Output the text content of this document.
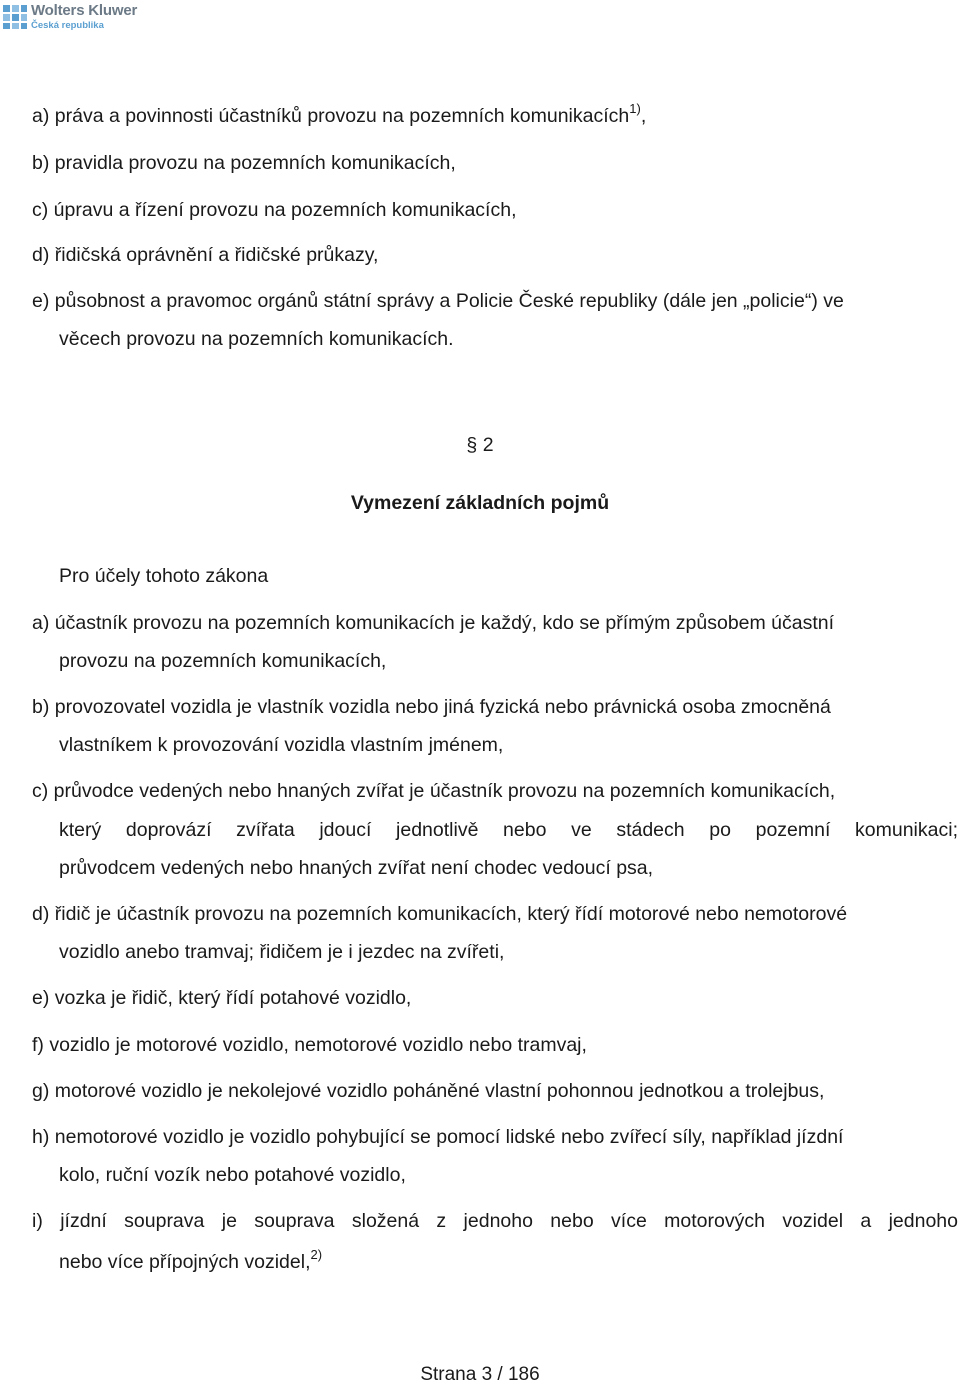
Wolters Kluwer
Česká republika
a) práva a povinnosti účastníků provozu na pozemních komunikacích$^{1)}$,
b) pravidla provozu na pozemních komunikacích,
c) úpravu a řízení provozu na pozemních komunikacích,
d) řidičská oprávnění a řidičské průkazy,
e) působnost a pravomoc orgánů státní správy a Policie České republiky (dále jen „policie“) ve
věcech provozu na pozemních komunikacích.
§ 2
Vymezení základních pojmů
Pro účely tohoto zákona
a) účastník provozu na pozemních komunikacích je každý, kdo se přímým způsobem účastní
provozu na pozemních komunikacích,
b) provozovatel vozidla je vlastník vozidla nebo jiná fyzická nebo právnická osoba zmocněná
vlastníkem k provozování vozidla vlastním jménem,
c) průvodce vedených nebo hnaných zvířat je účastník provozu na pozemních komunikacích,
který doprovází zvířata jdoucí jednotlivě nebo ve stádech po pozemní komunikaci;
průvodcem vedených nebo hnaných zvířat není chodec vedoucí psa,
d) řidič je účastník provozu na pozemních komunikacích, který řídí motorové nebo nemotorové
vozidlo anebo tramvaj; řidičem je i jezdec na zvířeti,
e) vozka je řidič, který řídí potahové vozidlo,
f) vozidlo je motorové vozidlo, nemotorové vozidlo nebo tramvaj,
g) motorové vozidlo je nekolejové vozidlo poháněné vlastní pohonnou jednotkou a trolejbus,
h) nemotorové vozidlo je vozidlo pohybující se pomocí lidské nebo zvířecí síly, například jízdní
kolo, ruční vozík nebo potahové vozidlo,
i) jízdní souprava je souprava složená z jednoho nebo více motorových vozidel a jednoho
nebo více přípojných vozidel,$^{2)}$
Strana 3 / 186
